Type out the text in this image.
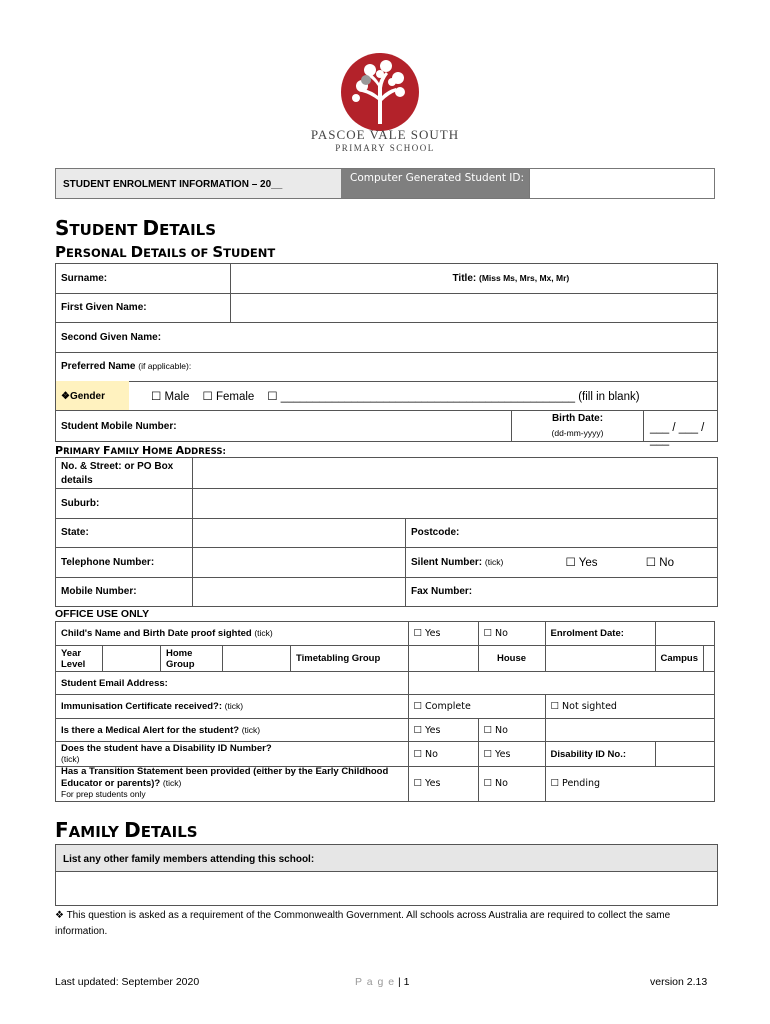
PASCOE VALE SOUTH
PRIMARY SCHOOL
STUDENT ENROLMENT INFORMATION – 20__
Computer Generated Student ID:
STUDENT DETAILS
PERSONAL DETAILS OF STUDENT
Surname:		Title: (Miss Ms, Mrs, Mx, Mr)
First Given Name:		
Second Given Name:		
Preferred Name (if applicable):		
❖Gender	☐ Male ☐ Female ☐ ______________________________________________ (fill in blank)
Student Mobile Number:
Birth Date:
(dd-mm-yyyy)	___ / ___ / ___
PRIMARY FAMILY HOME ADDRESS:
No. & Street: or PO Box details			
Suburb:			
State:		Postcode:	
Telephone Number:		Silent Number: (tick)	☐ Yes ☐ No
Mobile Number:		Fax Number:	
OFFICE USE ONLY
Child's Name and Birth Date proof sighted (tick)					☐ Yes	☐ No	Enrolment Date:		
Year Level		Home Group		Timetabling Group		House		Campus	
Student Email Address:									
Immunisation Certificate received?: (tick)					☐ Complete		☐ Not sighted		
Is there a Medical Alert for the student? (tick)					☐ Yes	☐ No			
Does the student have a Disability ID Number?
(tick)					☐ No	☐ Yes	Disability ID No.:		
Has a Transition Statement been provided (either by the Early Childhood Educator or parents)? (tick)
For prep students only					☐ Yes	☐ No	☐ Pending		
FAMILY DETAILS
List any other family members attending this school:
❖ This question is asked as a requirement of the Commonwealth Government. All schools across Australia are required to collect the same information.
Last updated: September 2020	P a g e | 1	version 2.13
